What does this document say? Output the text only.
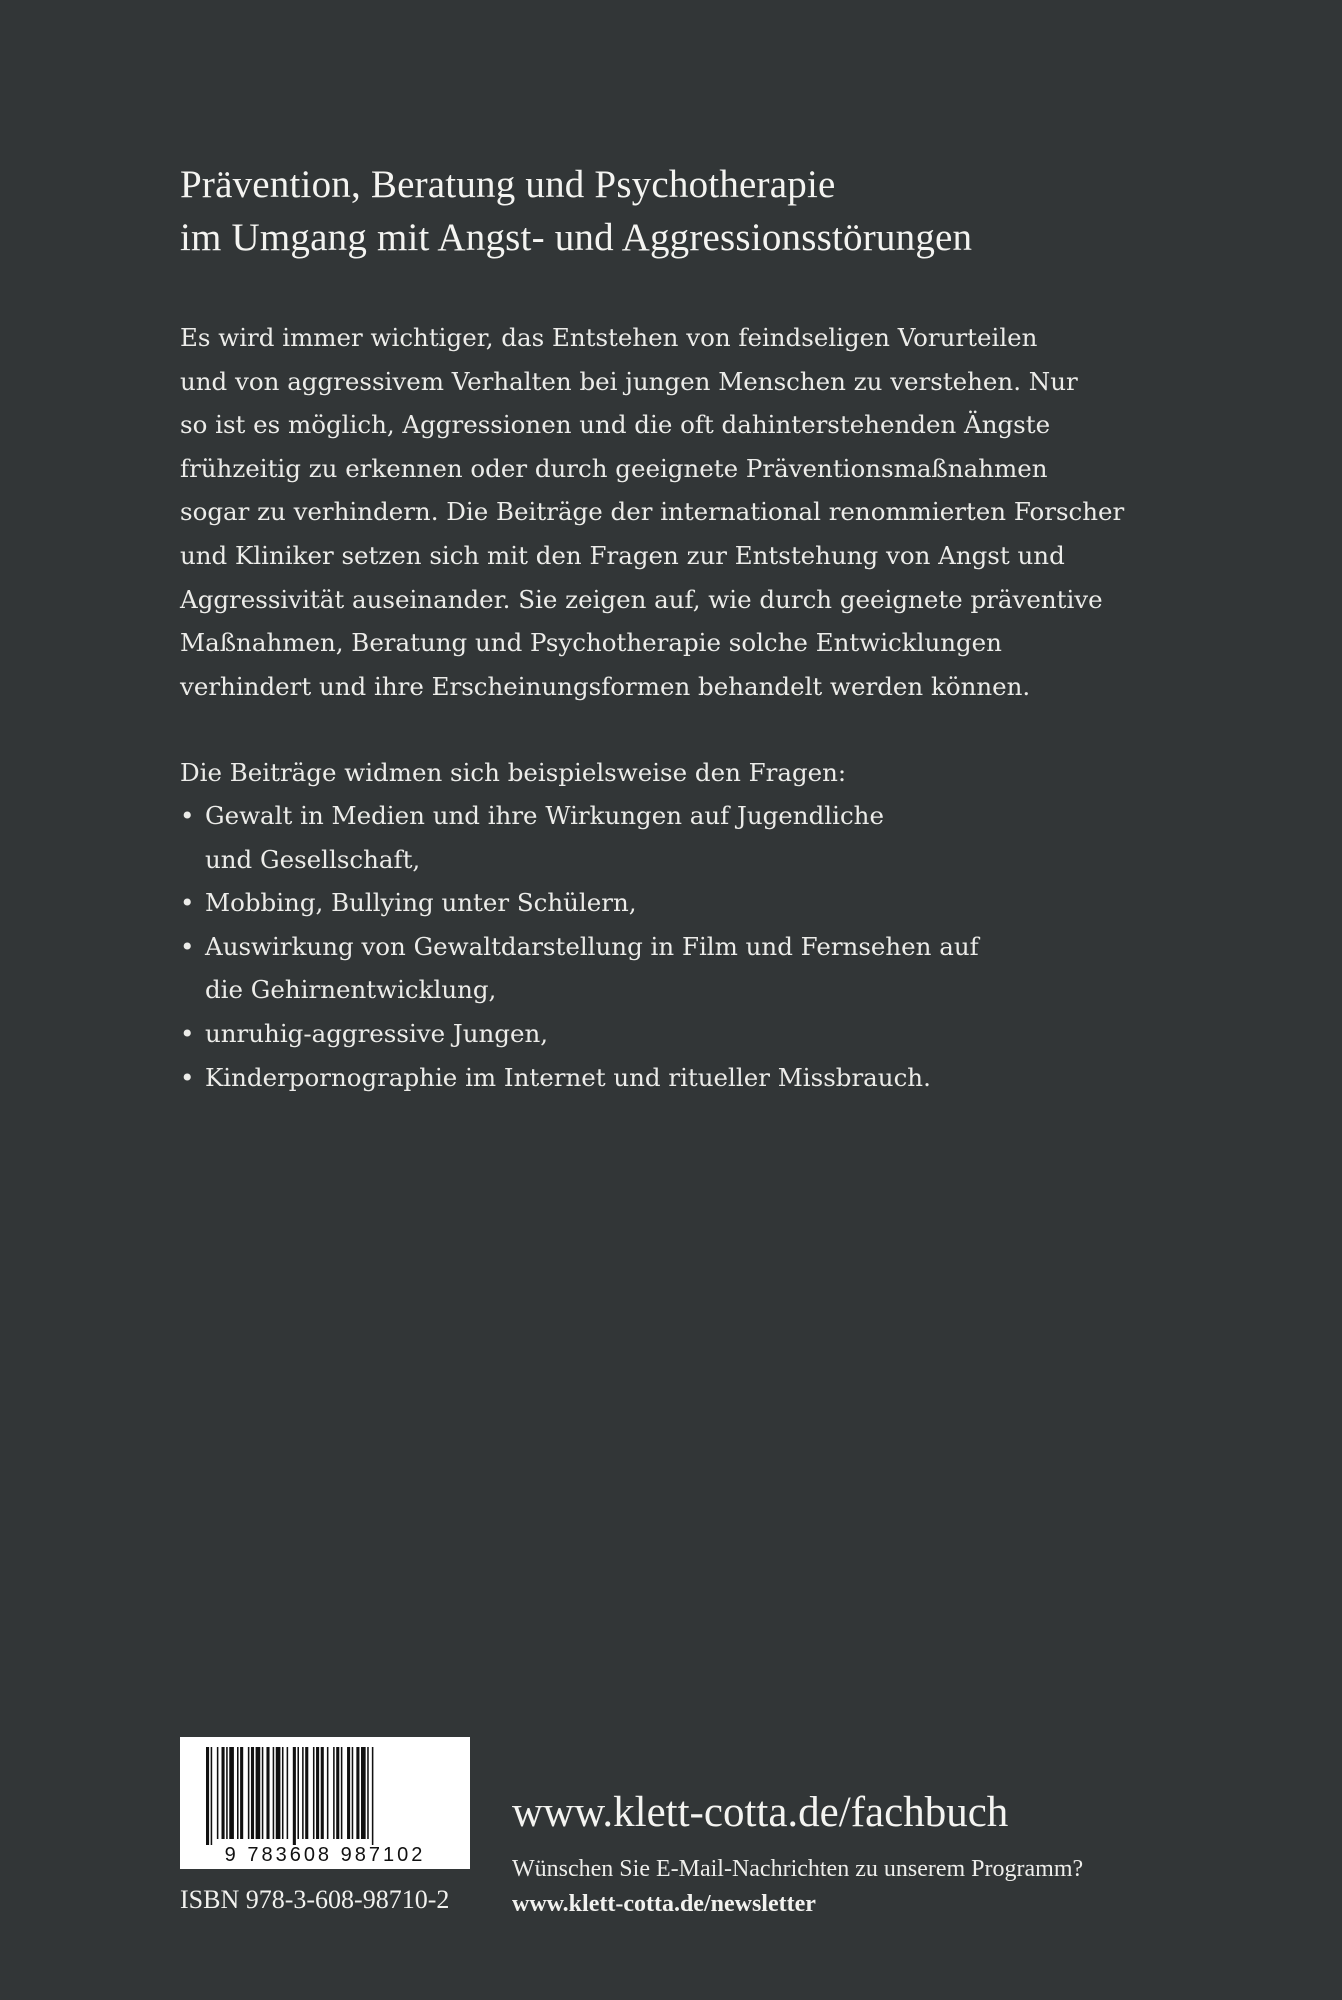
Prävention, Beratung und Psychotherapie
im Umgang mit Angst- und Aggressionsstörungen
Es wird immer wichtiger, das Entstehen von feindseligen Vorurteilen
und von aggressivem Verhalten bei jungen Menschen zu verstehen. Nur
so ist es möglich, Aggressionen und die oft dahinterstehenden Ängste
frühzeitig zu erkennen oder durch geeignete Präventionsmaßnahmen
sogar zu verhindern. Die Beiträge der international renommierten Forscher
und Kliniker setzen sich mit den Fragen zur Entstehung von Angst und
Aggressivität auseinander. Sie zeigen auf, wie durch geeignete präventive
Maßnahmen, Beratung und Psychotherapie solche Entwicklungen
verhindert und ihre Erscheinungsformen behandelt werden können.
Die Beiträge widmen sich beispielsweise den Fragen:
• Gewalt in Medien und ihre Wirkungen auf Jugendliche
und Gesellschaft,
• Mobbing, Bullying unter Schülern,
• Auswirkung von Gewaltdarstellung in Film und Fernsehen auf
die Gehirnentwicklung,
• unruhig-aggressive Jungen,
• Kinderpornographie im Internet und ritueller Missbrauch.
9 783608 987102
ISBN 978-3-608-98710-2
www.klett-cotta.de/fachbuch
Wünschen Sie E-Mail-Nachrichten zu unserem Programm?
www.klett-cotta.de/newsletter
